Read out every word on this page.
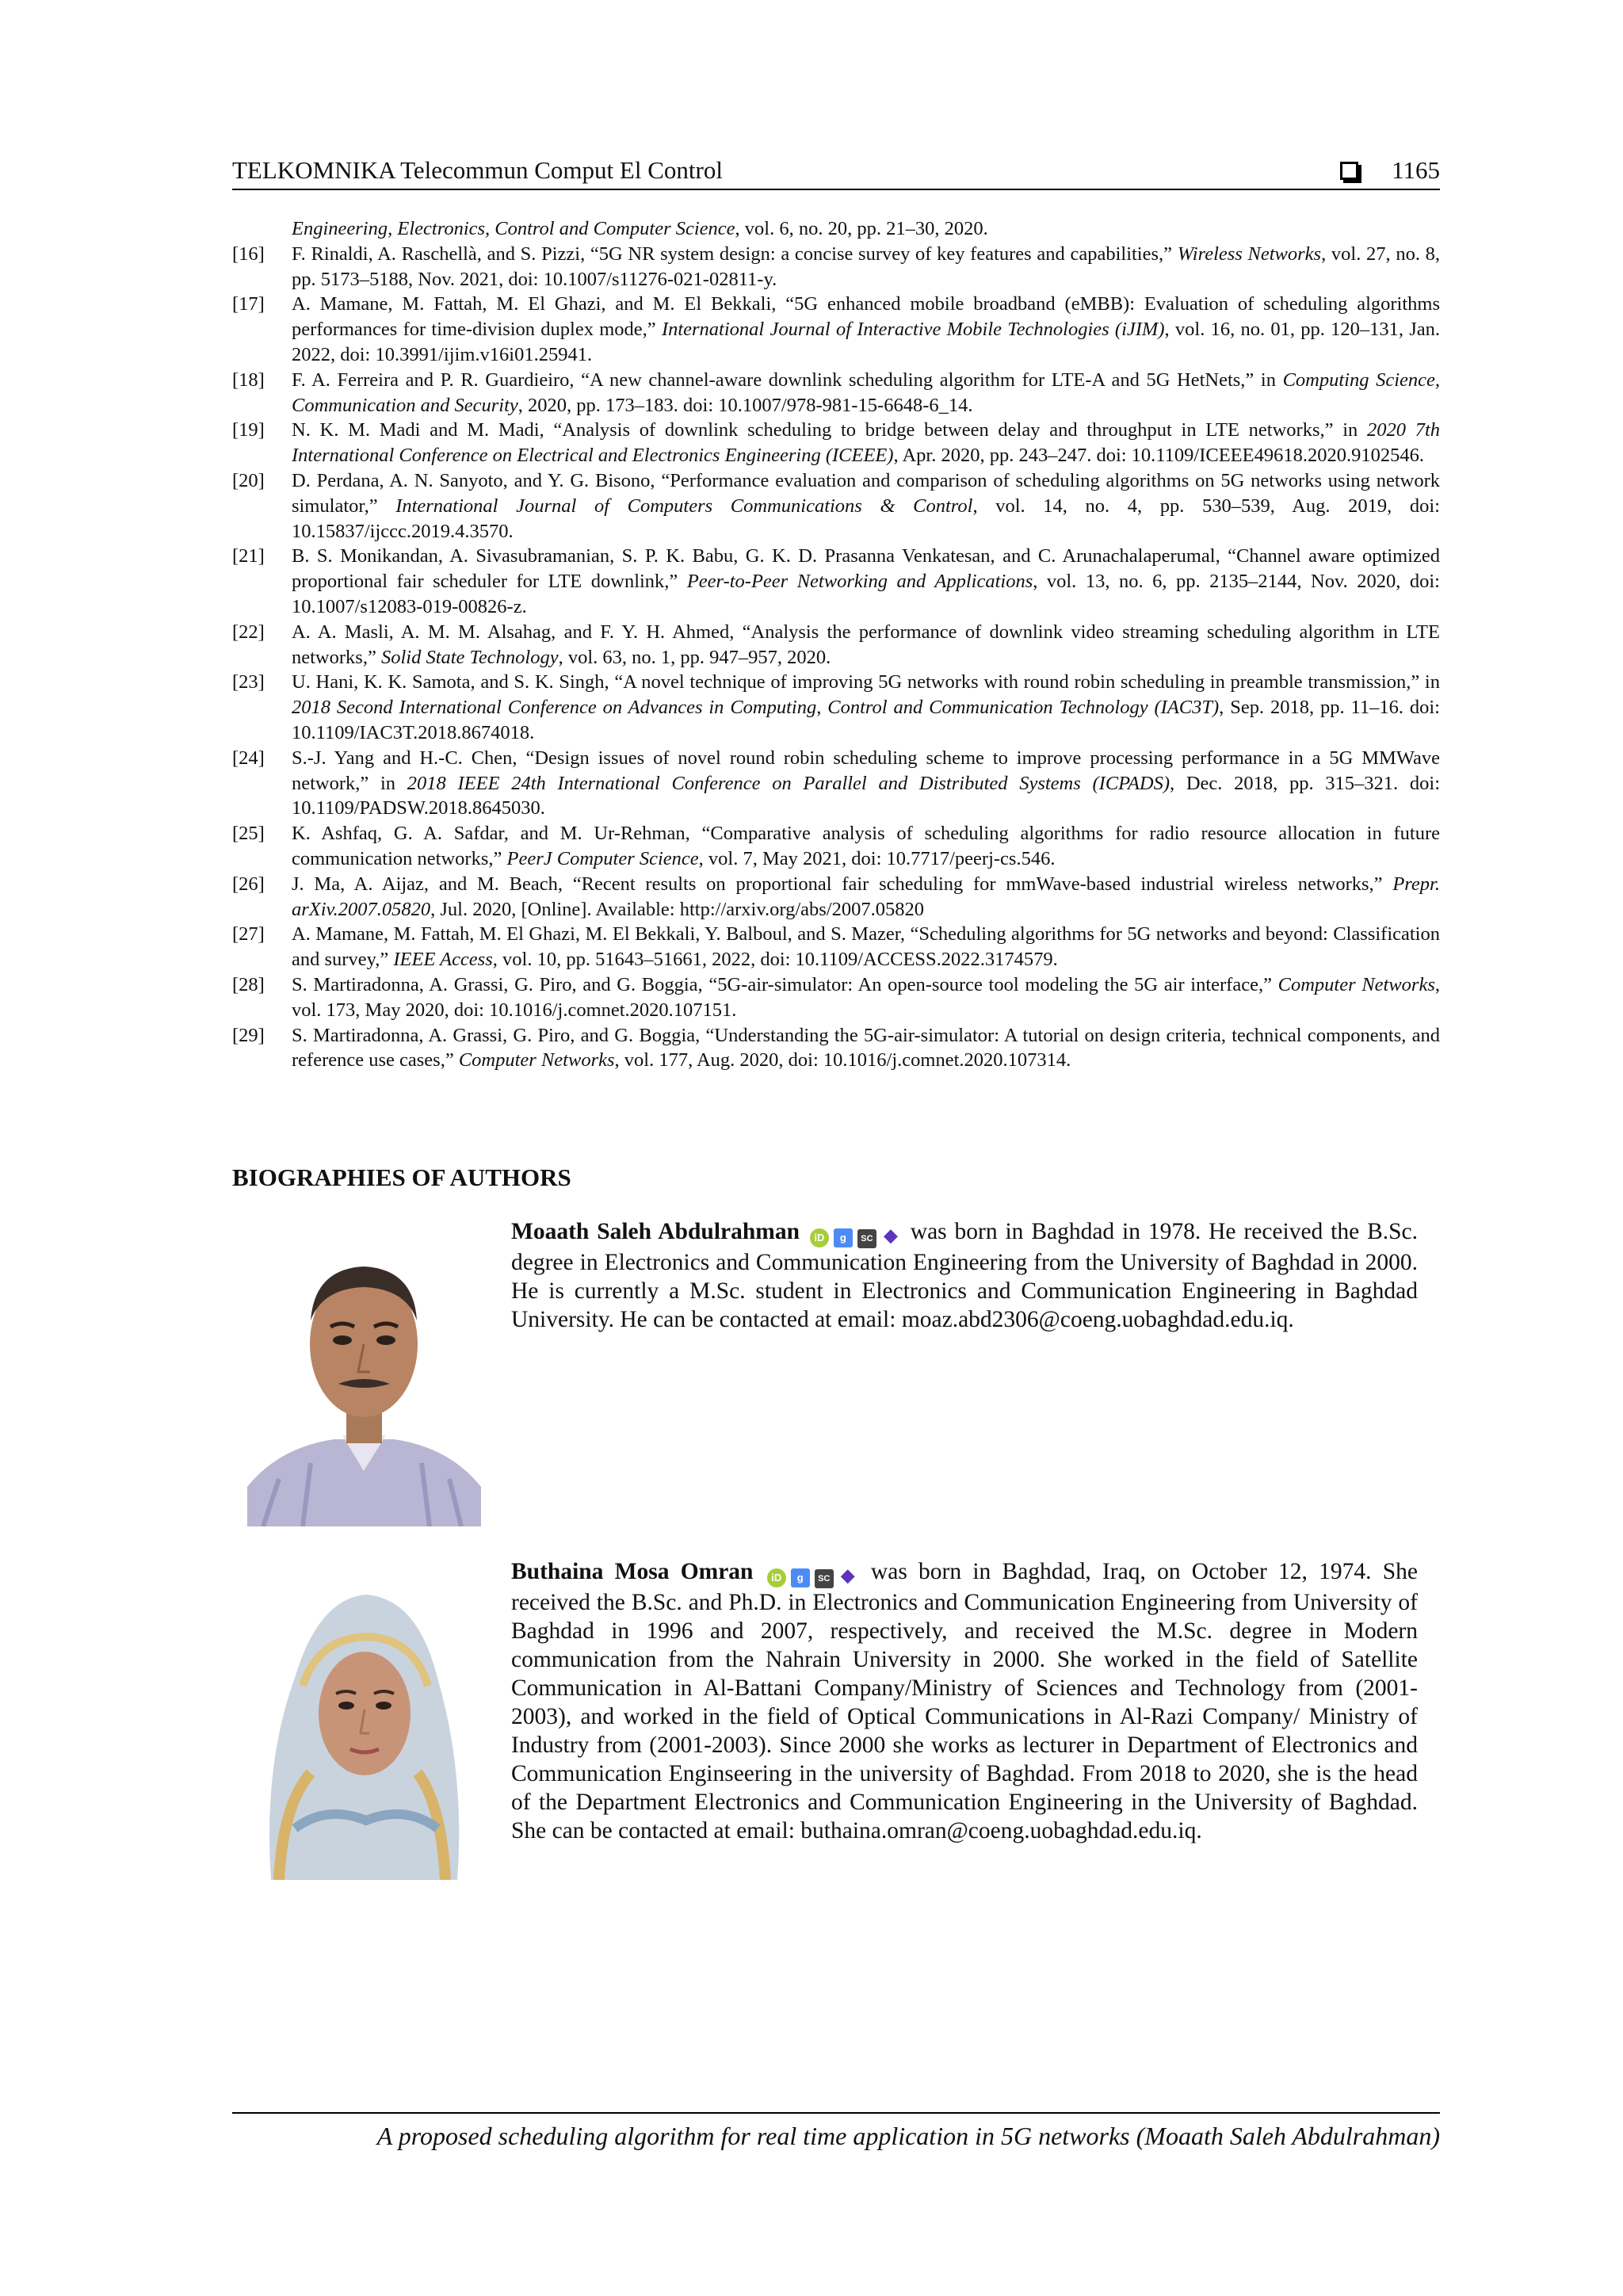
TELKOMNIKA Telecommun Comput El Control	1165
Engineering, Electronics, Control and Computer Science, vol. 6, no. 20, pp. 21–30, 2020.
[16]	F. Rinaldi, A. Raschellà, and S. Pizzi, “5G NR system design: a concise survey of key features and capabilities,” Wireless Networks, vol. 27, no. 8, pp. 5173–5188, Nov. 2021, doi: 10.1007/s11276-021-02811-y.
[17]	A. Mamane, M. Fattah, M. El Ghazi, and M. El Bekkali, “5G enhanced mobile broadband (eMBB): Evaluation of scheduling algorithms performances for time-division duplex mode,” International Journal of Interactive Mobile Technologies (iJIM), vol. 16, no. 01, pp. 120–131, Jan. 2022, doi: 10.3991/ijim.v16i01.25941.
[18]	F. A. Ferreira and P. R. Guardieiro, “A new channel-aware downlink scheduling algorithm for LTE-A and 5G HetNets,” in Computing Science, Communication and Security, 2020, pp. 173–183. doi: 10.1007/978-981-15-6648-6_14.
[19]	N. K. M. Madi and M. Madi, “Analysis of downlink scheduling to bridge between delay and throughput in LTE networks,” in 2020 7th International Conference on Electrical and Electronics Engineering (ICEEE), Apr. 2020, pp. 243–247. doi: 10.1109/ICEEE49618.2020.9102546.
[20]	D. Perdana, A. N. Sanyoto, and Y. G. Bisono, “Performance evaluation and comparison of scheduling algorithms on 5G networks using network simulator,” International Journal of Computers Communications & Control, vol. 14, no. 4, pp. 530–539, Aug. 2019, doi: 10.15837/ijccc.2019.4.3570.
[21]	B. S. Monikandan, A. Sivasubramanian, S. P. K. Babu, G. K. D. Prasanna Venkatesan, and C. Arunachalaperumal, “Channel aware optimized proportional fair scheduler for LTE downlink,” Peer-to-Peer Networking and Applications, vol. 13, no. 6, pp. 2135–2144, Nov. 2020, doi: 10.1007/s12083-019-00826-z.
[22]	A. A. Masli, A. M. M. Alsahag, and F. Y. H. Ahmed, “Analysis the performance of downlink video streaming scheduling algorithm in LTE networks,” Solid State Technology, vol. 63, no. 1, pp. 947–957, 2020.
[23]	U. Hani, K. K. Samota, and S. K. Singh, “A novel technique of improving 5G networks with round robin scheduling in preamble transmission,” in 2018 Second International Conference on Advances in Computing, Control and Communication Technology (IAC3T), Sep. 2018, pp. 11–16. doi: 10.1109/IAC3T.2018.8674018.
[24]	S.-J. Yang and H.-C. Chen, “Design issues of novel round robin scheduling scheme to improve processing performance in a 5G MMWave network,” in 2018 IEEE 24th International Conference on Parallel and Distributed Systems (ICPADS), Dec. 2018, pp. 315–321. doi: 10.1109/PADSW.2018.8645030.
[25]	K. Ashfaq, G. A. Safdar, and M. Ur-Rehman, “Comparative analysis of scheduling algorithms for radio resource allocation in future communication networks,” PeerJ Computer Science, vol. 7, May 2021, doi: 10.7717/peerj-cs.546.
[26]	J. Ma, A. Aijaz, and M. Beach, “Recent results on proportional fair scheduling for mmWave-based industrial wireless networks,” Prepr. arXiv.2007.05820, Jul. 2020, [Online]. Available: http://arxiv.org/abs/2007.05820
[27]	A. Mamane, M. Fattah, M. El Ghazi, M. El Bekkali, Y. Balboul, and S. Mazer, “Scheduling algorithms for 5G networks and beyond: Classification and survey,” IEEE Access, vol. 10, pp. 51643–51661, 2022, doi: 10.1109/ACCESS.2022.3174579.
[28]	S. Martiradonna, A. Grassi, G. Piro, and G. Boggia, “5G-air-simulator: An open-source tool modeling the 5G air interface,” Computer Networks, vol. 173, May 2020, doi: 10.1016/j.comnet.2020.107151.
[29]	S. Martiradonna, A. Grassi, G. Piro, and G. Boggia, “Understanding the 5G-air-simulator: A tutorial on design criteria, technical components, and reference use cases,” Computer Networks, vol. 177, Aug. 2020, doi: 10.1016/j.comnet.2020.107314.
BIOGRAPHIES OF AUTHORS
Moaath Saleh Abdulrahman iD g SC ◆ was born in Baghdad in 1978. He received the B.Sc. degree in Electronics and Communication Engineering from the University of Baghdad in 2000. He is currently a M.Sc. student in Electronics and Communication Engineering in Baghdad University. He can be contacted at email: moaz.abd2306@coeng.uobaghdad.edu.iq.
Buthaina Mosa Omran iD g SC ◆ was born in Baghdad, Iraq, on October 12, 1974. She received the B.Sc. and Ph.D. in Electronics and Communication Engineering from University of Baghdad in 1996 and 2007, respectively, and received the M.Sc. degree in Modern communication from the Nahrain University in 2000. She worked in the field of Satellite Communication in Al-Battani Company/Ministry of Sciences and Technology from (2001-2003), and worked in the field of Optical Communications in Al-Razi Company/ Ministry of Industry from (2001-2003). Since 2000 she works as lecturer in Department of Electronics and Communication Enginseering in the university of Baghdad. From 2018 to 2020, she is the head of the Department Electronics and Communication Engineering in the University of Baghdad. She can be contacted at email: buthaina.omran@coeng.uobaghdad.edu.iq.
A proposed scheduling algorithm for real time application in 5G networks (Moaath Saleh Abdulrahman)
